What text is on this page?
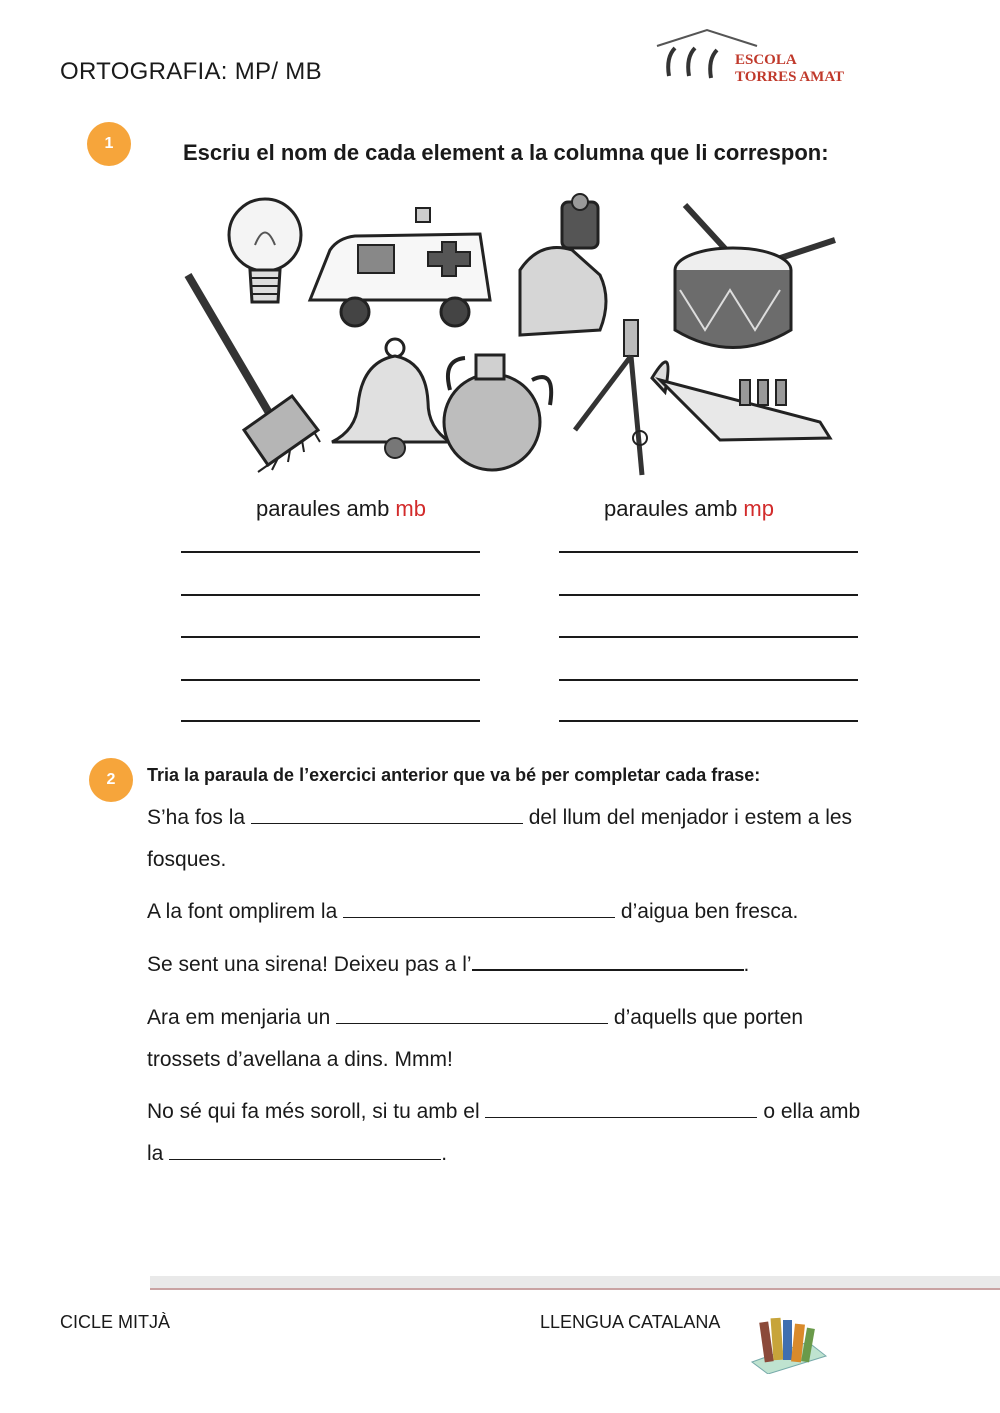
ORTOGRAFIA: MP/ MB	ESCOLA
TORRES AMAT
1	Escriu el nom de cada element a la columna que li correspon:
paraules amb mb	paraules amb mp
2	Tria la paraula de l’exercici anterior que va bé per completar cada frase:
S’ha fos la	del llum del menjador i estem a les fosques.
A la font omplirem la	d’aigua ben fresca.
Se sent una sirena! Deixeu pas a l’	.
Ara em menjaria un	d’aquells que porten trossets d’avellana a dins. Mmm!
No sé qui fa més soroll, si tu amb el	o ella amb la	.
CICLE MITJÀ	LLENGUA CATALANA
